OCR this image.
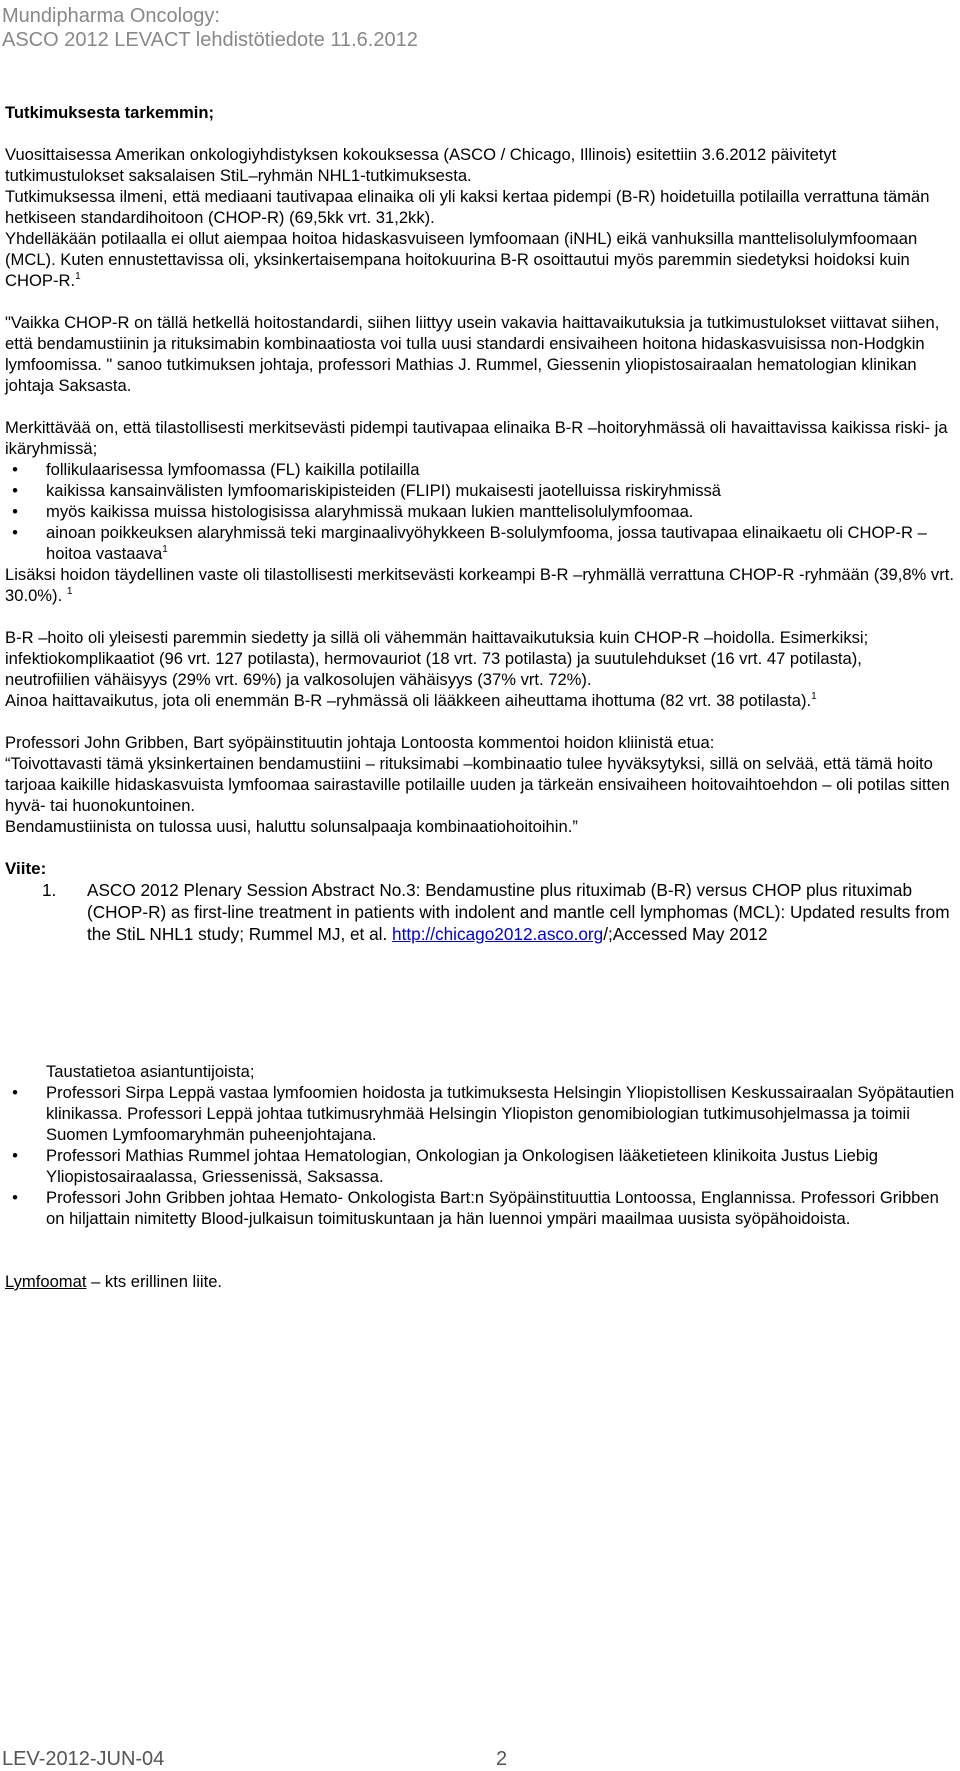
Mundipharma Oncology:
ASCO 2012 LEVACT lehdistötiedote 11.6.2012

Tutkimuksesta tarkemmin;

Vuosittaisessa Amerikan onkologiyhdistyksen kokouksessa (ASCO / Chicago, Illinois) esitettiin 3.6.2012 päivitetyt tutkimustulokset saksalaisen StiL–ryhmän NHL1-tutkimuksesta.

Tutkimuksessa ilmeni, että mediaani tautivapaa elinaika oli yli kaksi kertaa pidempi (B-R) hoidetuilla potilailla verrattuna tämän hetkiseen standardihoitoon (CHOP-R) (69,5kk vrt. 31,2kk).

Yhdelläkään potilaalla ei ollut aiempaa hoitoa hidaskasvuiseen lymfoomaan (iNHL) eikä vanhuksilla manttelisolulymfoomaan (MCL). Kuten ennustettavissa oli, yksinkertaisempana hoitokuurina B-R osoittautui myös paremmin siedetyksi hoidoksi kuin CHOP-R.$^1$

"Vaikka CHOP-R on tällä hetkellä hoitostandardi, siihen liittyy usein vakavia haittavaikutuksia ja tutkimustulokset viittavat siihen, että bendamustiinin ja rituksimabin kombinaatiosta voi tulla uusi standardi ensivaiheen hoitona hidaskasvuisissa non-Hodgkin lymfoomissa. " sanoo tutkimuksen johtaja, professori Mathias J. Rummel, Giessenin yliopistosairaalan hematologian klinikan johtaja Saksasta.

Merkittävää on, että tilastollisesti merkitsevästi pidempi tautivapaa elinaika B-R –hoitoryhmässä oli havaittavissa kaikissa riski- ja ikäryhmissä;

•	follikulaarisessa lymfoomassa (FL) kaikilla potilailla
•	kaikissa kansainvälisten lymfoomariskipisteiden (FLIPI) mukaisesti jaotelluissa riskiryhmissä
•	myös kaikissa muissa histologisissa alaryhmissä mukaan lukien manttelisolulymfoomaa.
•	ainoan poikkeuksen alaryhmissä teki marginaalivyöhykkeen B-solulymfooma, jossa tautivapaa elinaikaetu oli CHOP-R –hoitoa vastaava$^1$

Lisäksi hoidon täydellinen vaste oli tilastollisesti merkitsevästi korkeampi B-R –ryhmällä verrattuna CHOP-R -ryhmään (39,8% vrt. 30.0%). $^1$

B-R –hoito oli yleisesti paremmin siedetty ja sillä oli vähemmän haittavaikutuksia kuin CHOP-R –hoidolla. Esimerkiksi;

infektiokomplikaatiot (96 vrt. 127 potilasta), hermovauriot (18 vrt. 73 potilasta) ja suutulehdukset (16 vrt. 47 potilasta),

neutrofiilien vähäisyys (29% vrt. 69%) ja valkosolujen vähäisyys (37% vrt. 72%).

Ainoa haittavaikutus, jota oli enemmän B-R –ryhmässä oli lääkkeen aiheuttama ihottuma (82 vrt. 38 potilasta).$^1$

Professori John Gribben, Bart syöpäinstituutin johtaja Lontoosta kommentoi hoidon kliinistä etua:

“Toivottavasti tämä yksinkertainen bendamustiini – rituksimabi –kombinaatio tulee hyväksytyksi, sillä on selvää, että tämä hoito tarjoaa kaikille hidaskasvuista lymfoomaa sairastaville potilaille uuden ja tärkeän ensivaiheen hoitovaihtoehdon – oli potilas sitten hyvä- tai huonokuntoinen.

Bendamustiinista on tulossa uusi, haluttu solunsalpaaja kombinaatiohoitoihin.”

Viite:

1. ASCO 2012 Plenary Session Abstract No.3: Bendamustine plus rituximab (B-R) versus CHOP plus rituximab (CHOP-R) as first-line treatment in patients with indolent and mantle cell lymphomas (MCL): Updated results from the StiL NHL1 study; Rummel MJ, et al. http://chicago2012.asco.org/;Accessed May 2012

Taustatietoa asiantuntijoista;

•	Professori Sirpa Leppä vastaa lymfoomien hoidosta ja tutkimuksesta Helsingin Yliopistollisen Keskussairaalan Syöpätautien klinikassa. Professori Leppä johtaa tutkimusryhmää Helsingin Yliopiston genomibiologian tutkimusohjelmassa ja toimii Suomen Lymfoomaryhmän puheenjohtajana.
•	Professori Mathias Rummel johtaa Hematologian, Onkologian ja Onkologisen lääketieteen klinikoita Justus Liebig Yliopistosairaalassa, Griessenissä, Saksassa.
•	Professori John Gribben johtaa Hemato- Onkologista Bart:n Syöpäinstituuttia Lontoossa, Englannissa. Professori Gribben on hiljattain nimitetty Blood-julkaisun toimituskuntaan ja hän luennoi ympäri maailmaa uusista syöpähoidoista.

Lymfoomat – kts erillinen liite.

LEV-2012-JUN-04	2
